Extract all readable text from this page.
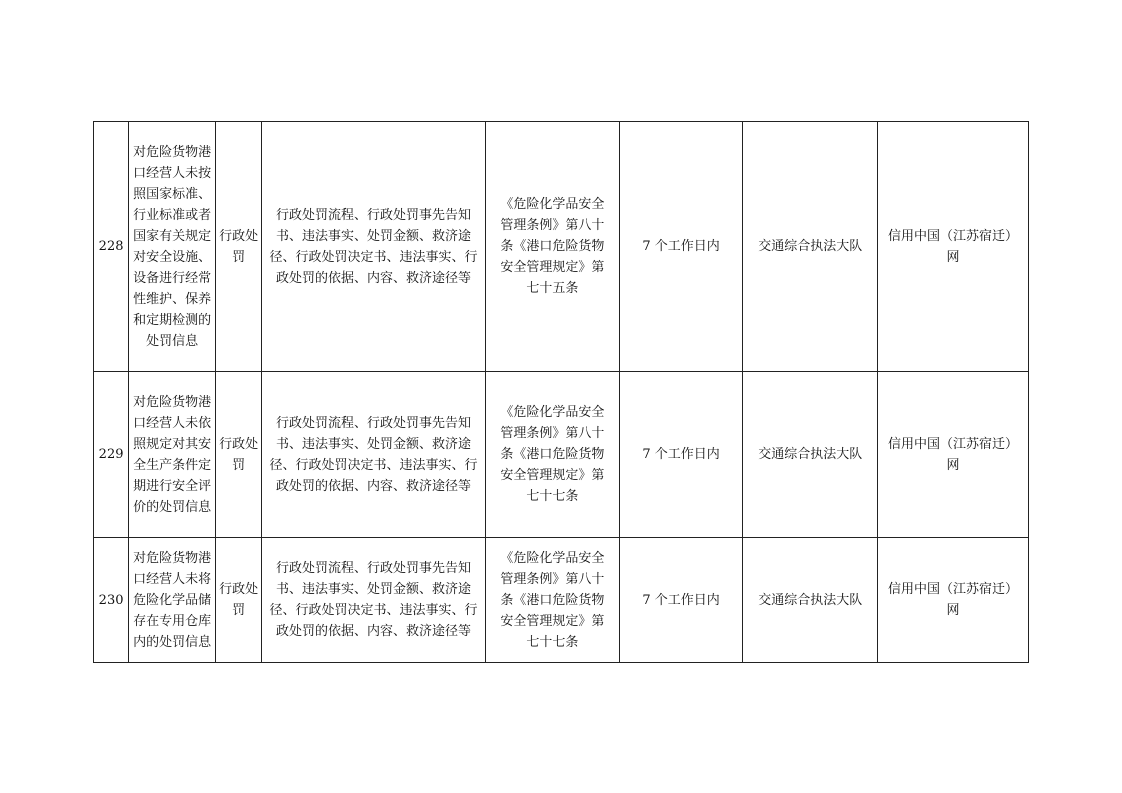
228	对危险货物港口经营人未按照国家标准、行业标准或者国家有关规定对安全设施、设备进行经常性维护、保养和定期检测的处罚信息	行政处罚	行政处罚流程、行政处罚事先告知书、违法事实、处罚金额、救济途径、行政处罚决定书、违法事实、行政处罚的依据、内容、救济途径等	《危险化学品安全管理条例》第八十条《港口危险货物安全管理规定》第七十五条	7 个工作日内	交通综合执法大队	信用中国（江苏宿迁）网
229	对危险货物港口经营人未依照规定对其安全生产条件定期进行安全评价的处罚信息	行政处罚	行政处罚流程、行政处罚事先告知书、违法事实、处罚金额、救济途径、行政处罚决定书、违法事实、行政处罚的依据、内容、救济途径等	《危险化学品安全管理条例》第八十条《港口危险货物安全管理规定》第七十七条	7 个工作日内	交通综合执法大队	信用中国（江苏宿迁）网
230	对危险货物港口经营人未将危险化学品储存在专用仓库内的处罚信息	行政处罚	行政处罚流程、行政处罚事先告知书、违法事实、处罚金额、救济途径、行政处罚决定书、违法事实、行政处罚的依据、内容、救济途径等	《危险化学品安全管理条例》第八十条《港口危险货物安全管理规定》第七十七条	7 个工作日内	交通综合执法大队	信用中国（江苏宿迁）网
